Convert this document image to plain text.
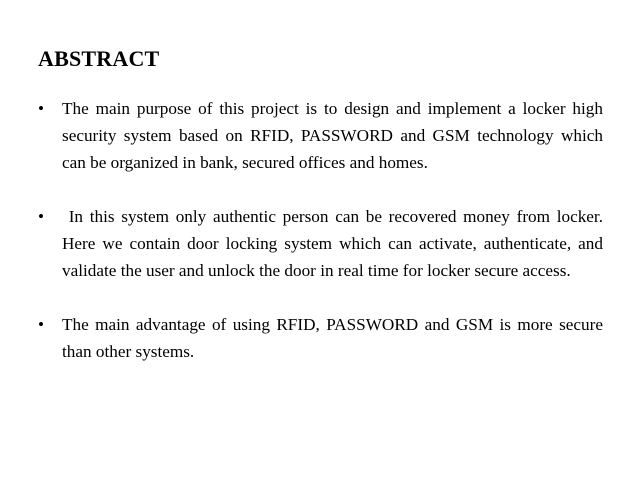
ABSTRACT
•	The main purpose of this project is to design and implement a locker high security system based on RFID, PASSWORD and GSM technology which can be organized in bank, secured offices and homes.
•	In this system only authentic person can be recovered money from locker. Here we contain door locking system which can activate, authenticate, and validate the user and unlock the door in real time for locker secure access.
•	The main advantage of using RFID, PASSWORD and GSM is more secure than other systems.
